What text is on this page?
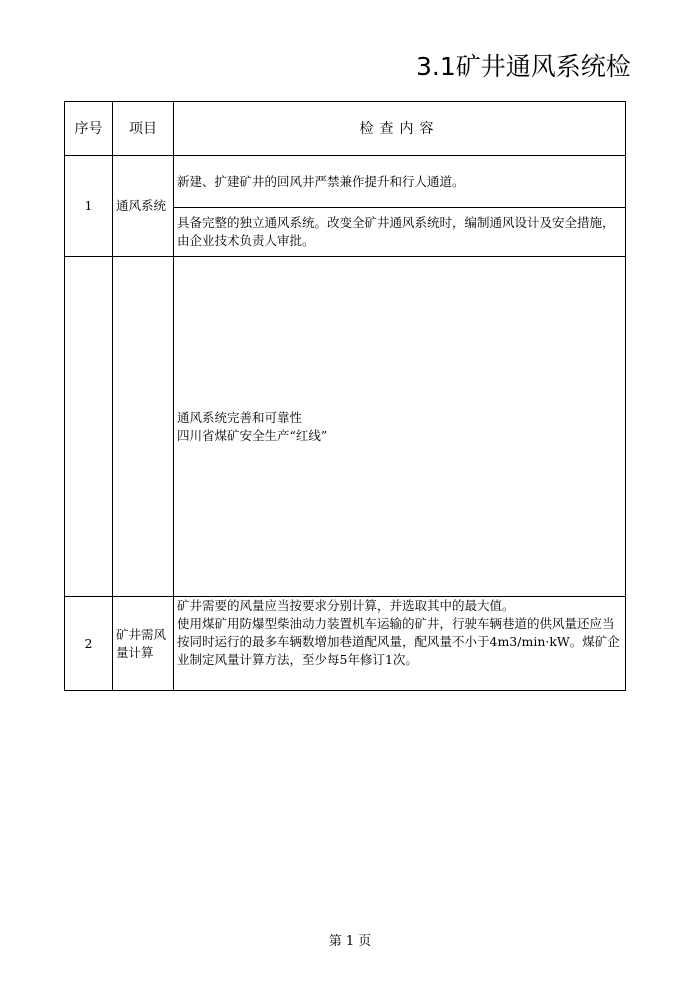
3.1矿井通风系统检
序号	项目	检查内容
1	通风系统	新建、扩建矿井的回风井严禁兼作提升和行人通道。

		具备完整的独立通风系统。改变全矿井通风系统时，编制通风设计及安全措施，由企业技术负责人审批。

		通风系统完善和可靠性
四川省煤矿安全生产“红线”

2	矿井需风量计算	矿井需要的风量应当按要求分别计算，并选取其中的最大值。
使用煤矿用防爆型柴油动力装置机车运输的矿井，行驶车辆巷道的供风量还应当按同时运行的最多车辆数增加巷道配风量，配风量不小于4m3/min·kW。煤矿企业制定风量计算方法，至少每5年修订1次。
第 1 页
